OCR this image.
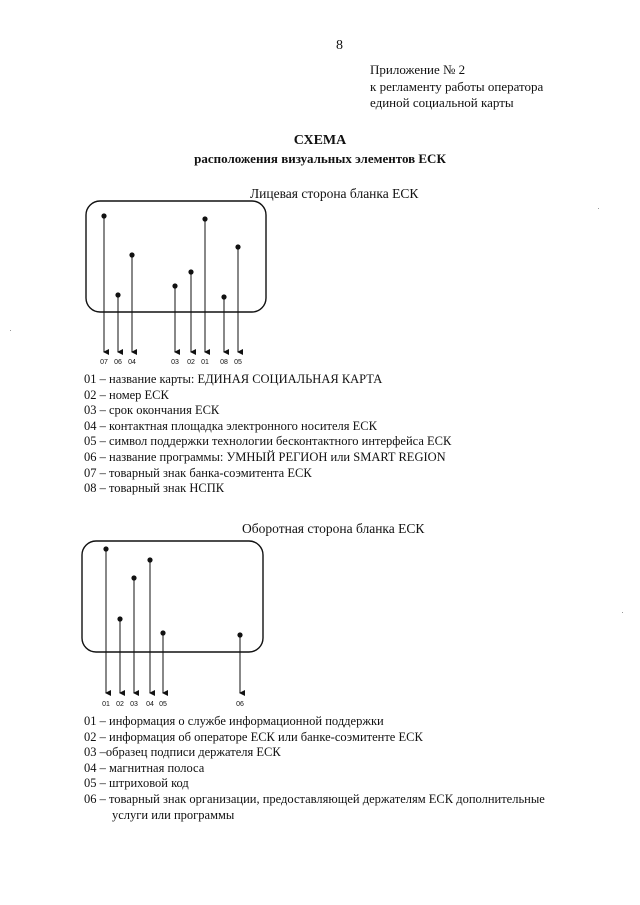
8
Приложение № 2
к регламенту работы оператора
единой социальной карты
СХЕМА
расположения визуальных элементов ЕСК
Лицевая сторона бланка ЕСК
Оборотная сторона бланка ЕСК
07 06 04	03 02 01 08 05
01 02 03 04 05	06
01 – название карты: ЕДИНАЯ СОЦИАЛЬНАЯ КАРТА
02 – номер ЕСК
03 – срок окончания ЕСК
04 – контактная площадка электронного носителя ЕСК
05 – символ поддержки технологии бесконтактного интерфейса ЕСК
06 – название программы: УМНЫЙ РЕГИОН или SMART REGION
07 – товарный знак банка-соэмитента ЕСК
08 – товарный знак НСПК
01 – информация о службе информационной поддержки
02 – информация об операторе ЕСК или банке-соэмитенте ЕСК
03 –образец подписи держателя ЕСК
04 – магнитная полоса
05 – штриховой код
06 – товарный знак организации, предоставляющей держателям ЕСК дополнительные
услуги или программы
